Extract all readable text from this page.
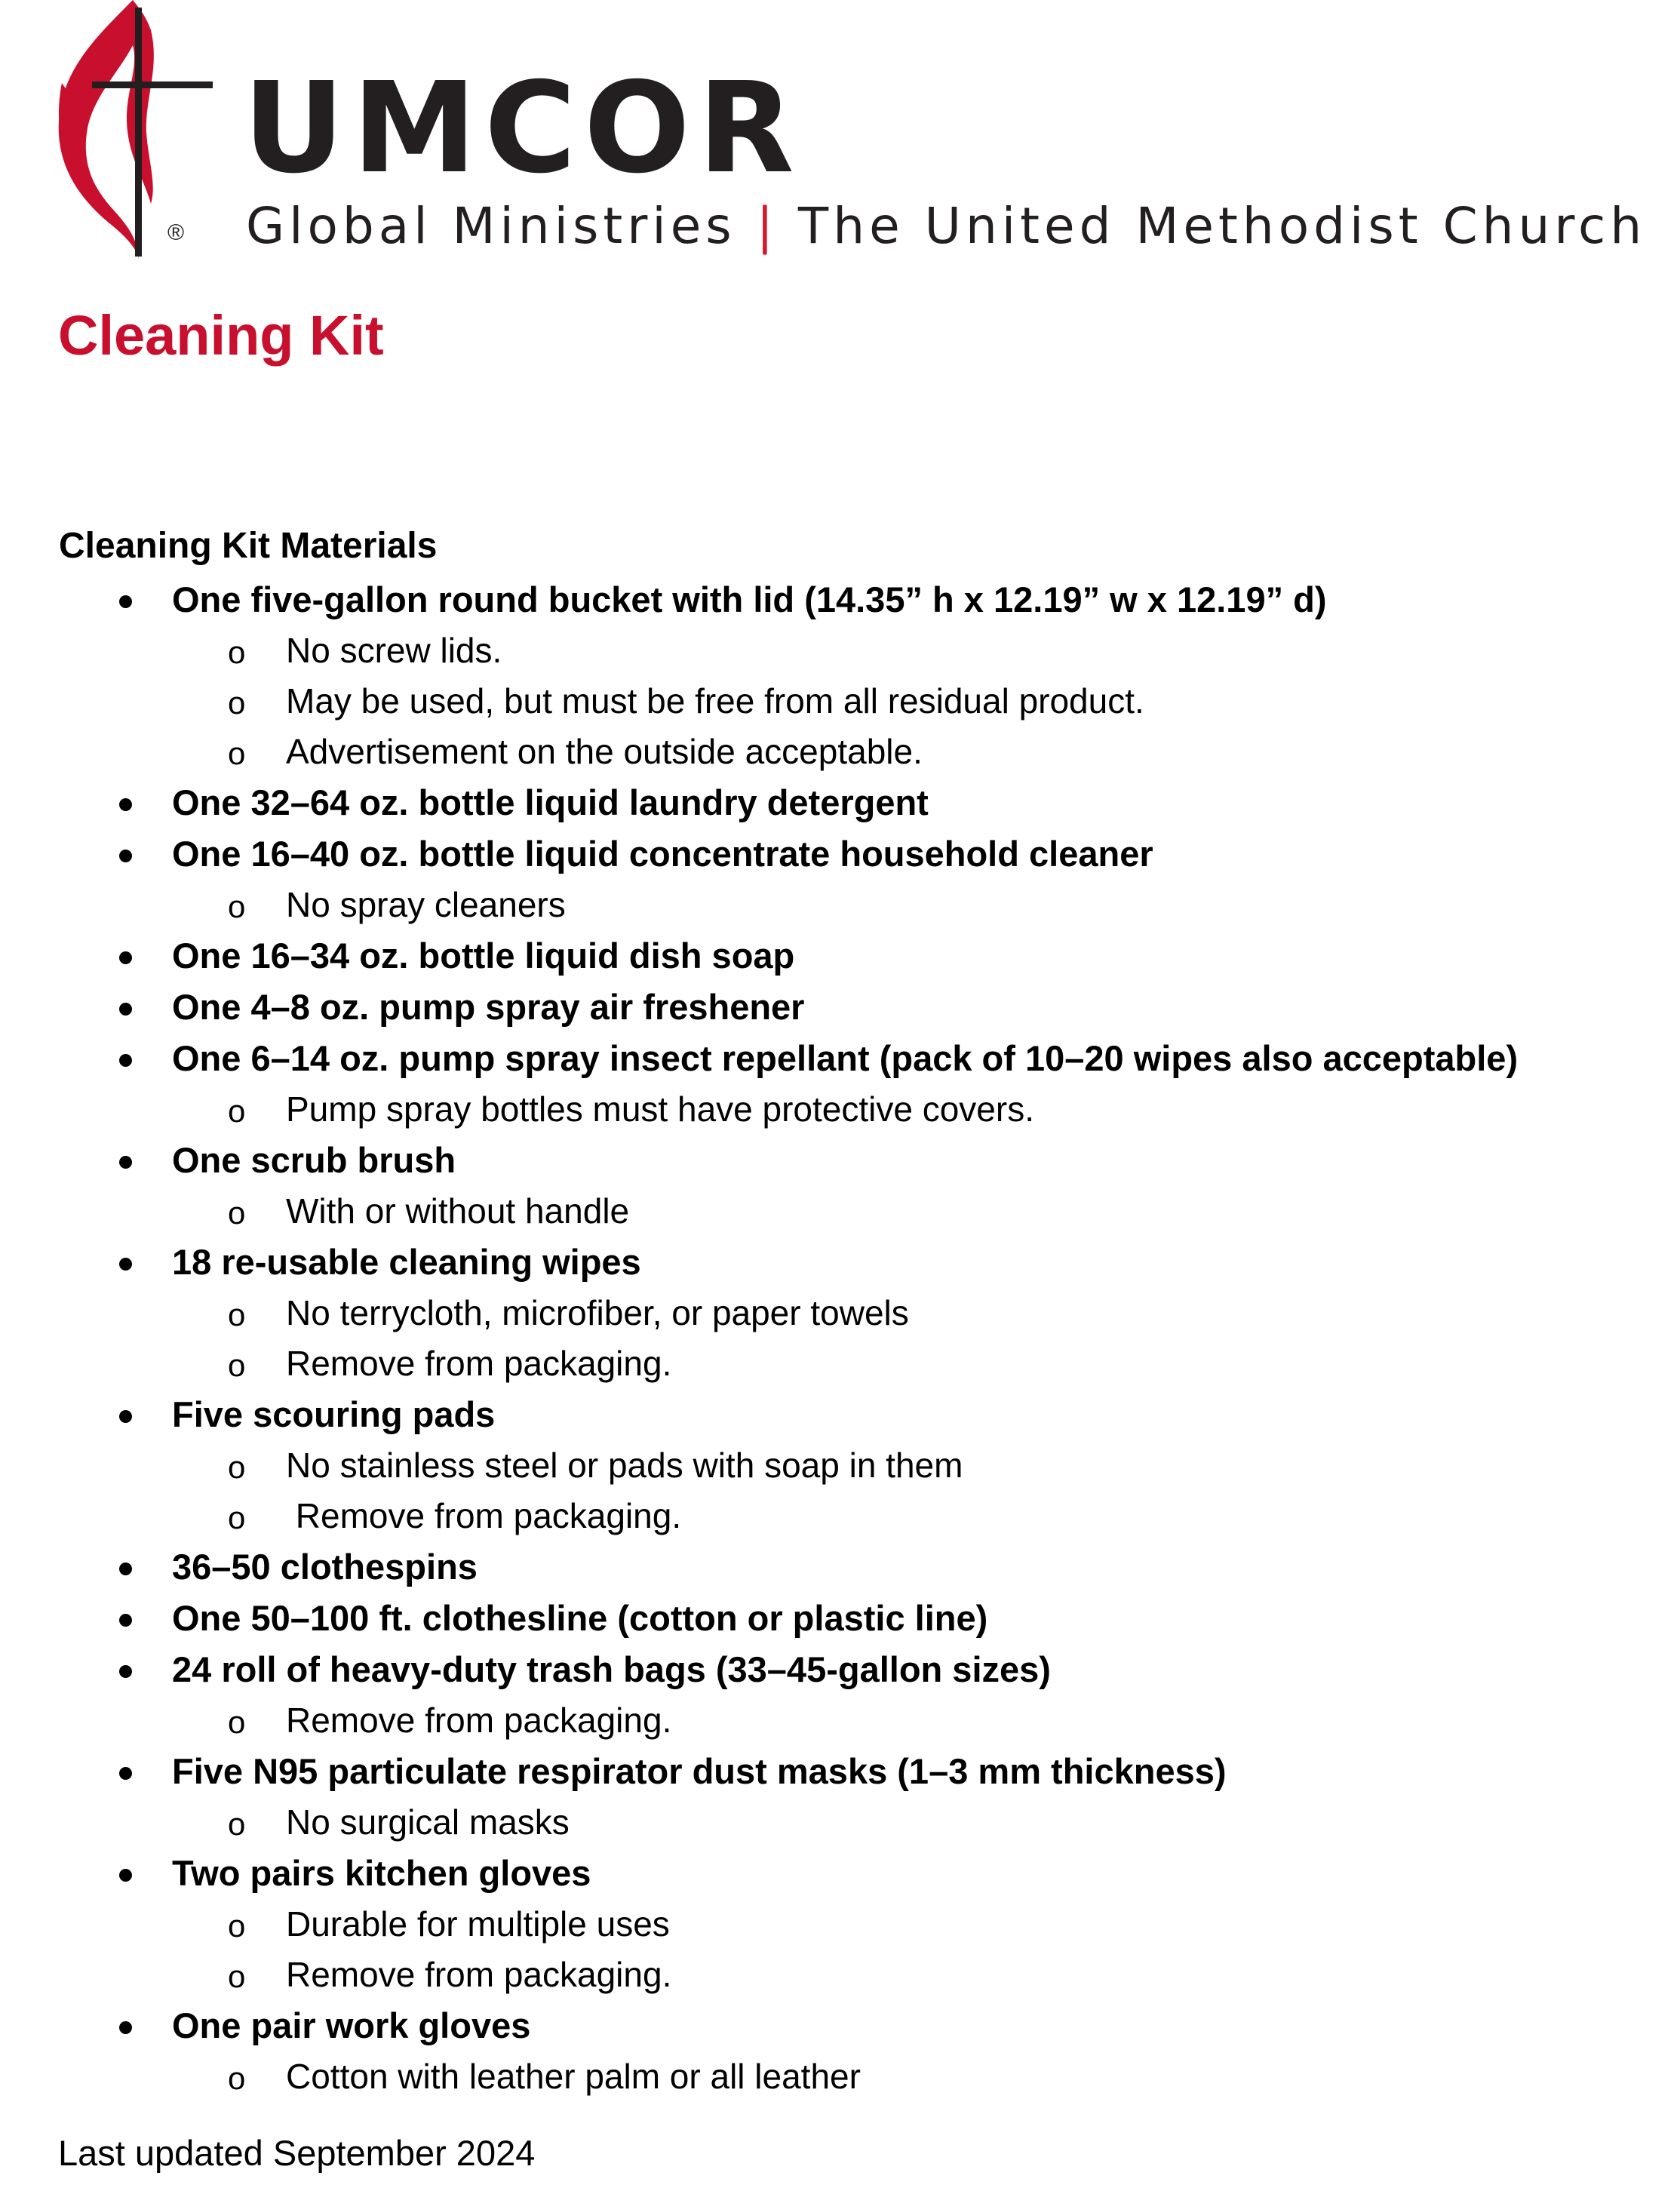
UMCOR
® Global Ministries | The United Methodist Church

Cleaning Kit
Cleaning Kit Materials
One five-gallon round bucket with lid (14.35” h x 12.19” w x 12.19” d)
o No screw lids.
o May be used, but must be free from all residual product.
o Advertisement on the outside acceptable.
One 32–64 oz. bottle liquid laundry detergent
One 16–40 oz. bottle liquid concentrate household cleaner
o No spray cleaners
One 16–34 oz. bottle liquid dish soap
One 4–8 oz. pump spray air freshener
One 6–14 oz. pump spray insect repellant (pack of 10–20 wipes also acceptable)
o Pump spray bottles must have protective covers.
One scrub brush
o With or without handle
18 re-usable cleaning wipes
o No terrycloth, microfiber, or paper towels
o Remove from packaging.
Five scouring pads
o No stainless steel or pads with soap in them
o Remove from packaging.
36–50 clothespins
One 50–100 ft. clothesline (cotton or plastic line)
24 roll of heavy-duty trash bags (33–45-gallon sizes)
o Remove from packaging.
Five N95 particulate respirator dust masks (1–3 mm thickness)
o No surgical masks
Two pairs kitchen gloves
o Durable for multiple uses
o Remove from packaging.
One pair work gloves
o Cotton with leather palm or all leather

Last updated September 2024
